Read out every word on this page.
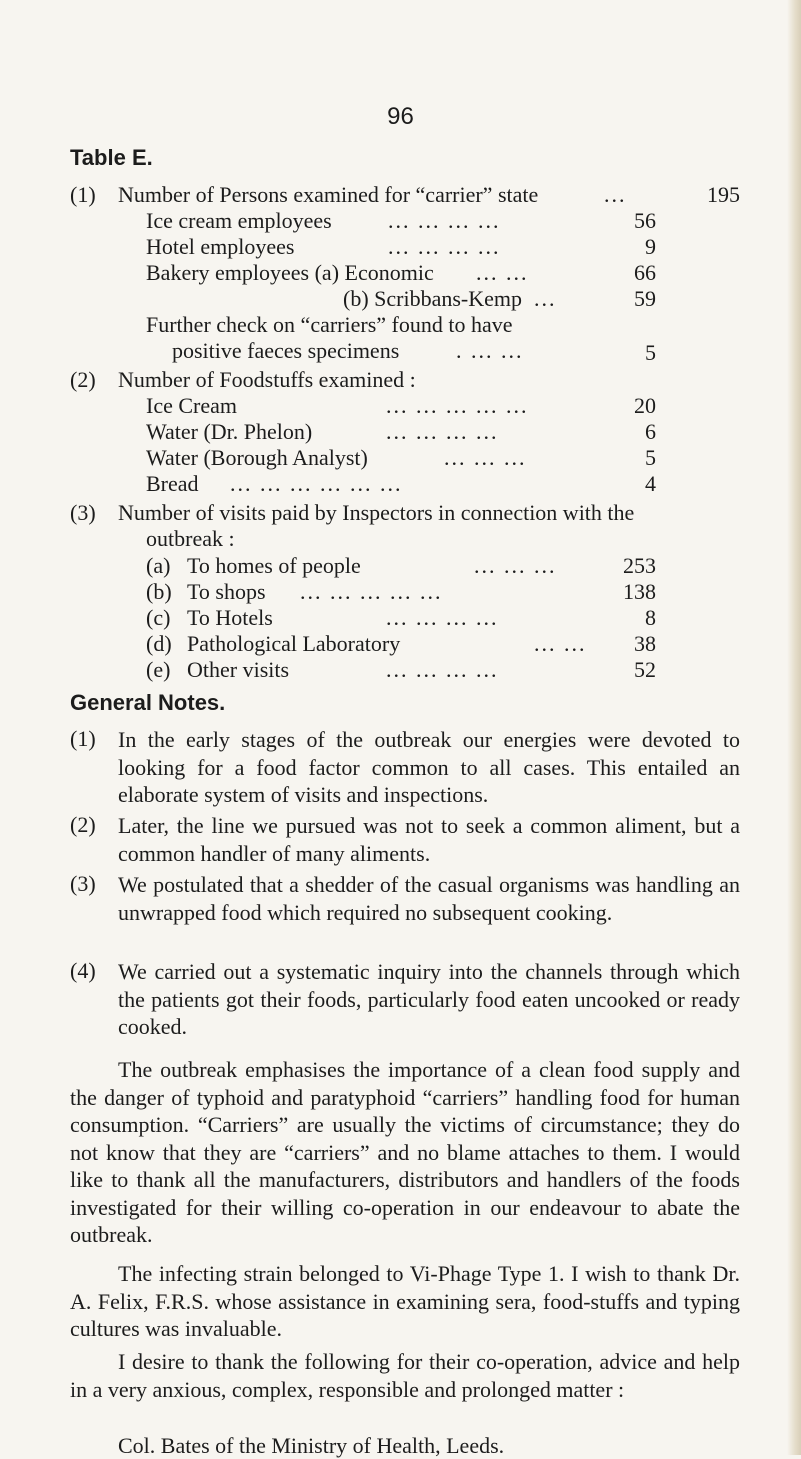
96
Table E.
(1) Number of Persons examined for “carrier” state	...	195
Ice cream employees	... ... ... ...	56
Hotel employees	... ... ... ...	9
Bakery employees (a) Economic ... ...	66
(b) Scribbans-Kemp ...	59
Further check on “carriers” found to have
positive faeces specimens	. ... ...	5
(2) Number of Foodstuffs examined :
Ice Cream	... ... ... ... ...	20
Water (Dr. Phelon)	... ... ... ...	6
Water (Borough Analyst)	... ... ...	5
Bread ... ... ... ... ... ...	4
(3) Number of visits paid by Inspectors in connection with the
outbreak :
(a) To homes of people	... ... ...	253
(b) To shops ... ... ... ... ...	138
(c) To Hotels	... ... ... ...	8
(d) Pathological Laboratory	... ...	38
(e) Other visits	... ... ... ...	52
General Notes.
(1) In the early stages of the outbreak our energies were devoted to looking for a food factor common to all cases. This entailed an elaborate system of visits and inspections.
(2) Later, the line we pursued was not to seek a common aliment, but a common handler of many aliments.
(3) We postulated that a shedder of the casual organisms was handling an unwrapped food which required no subsequent cooking.
(4) We carried out a systematic inquiry into the channels through which the patients got their foods, particularly food eaten uncooked or ready cooked.
The outbreak emphasises the importance of a clean food supply and the danger of typhoid and paratyphoid “carriers” handling food for human consumption. “Carriers” are usually the victims of circumstance; they do not know that they are “carriers” and no blame attaches to them. I would like to thank all the manufacturers, distributors and handlers of the foods investigated for their willing co-operation in our endeavour to abate the outbreak.
The infecting strain belonged to Vi-Phage Type 1. I wish to thank Dr. A. Felix, F.R.S. whose assistance in examining sera, food-stuffs and typing cultures was invaluable.
I desire to thank the following for their co-operation, advice and help in a very anxious, complex, responsible and prolonged matter :
Col. Bates of the Ministry of Health, Leeds.
